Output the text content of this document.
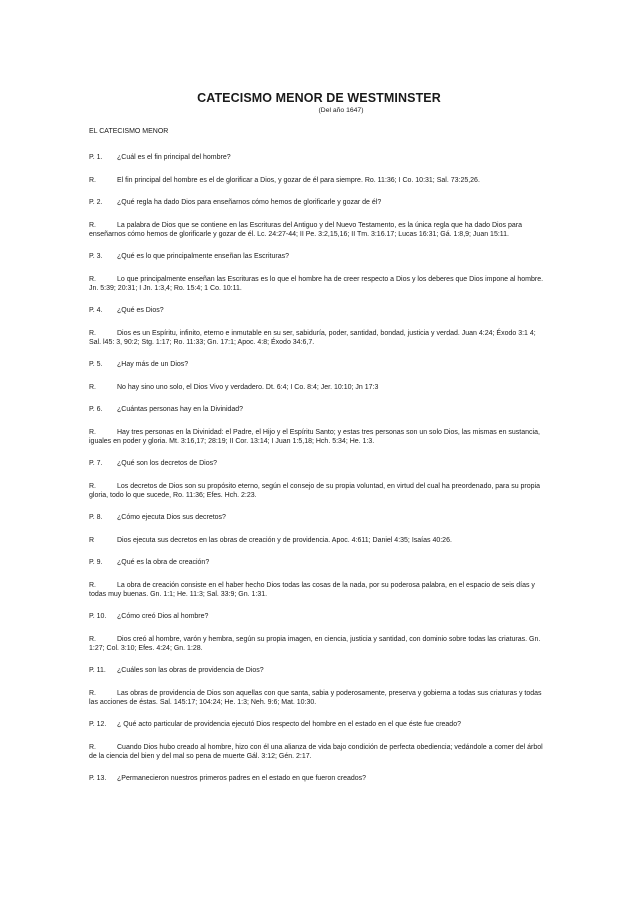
CATECISMO MENOR DE WESTMINSTER
(Del año 1647)
EL CATECISMO MENOR
P. 1. ¿Cuál es el fin principal del hombre?
R.	El fin principal del hombre es el de glorificar a Dios, y gozar de él para siempre. Ro. 11:36; I Co. 10:31; Sal. 73:25,26.
P. 2. ¿Qué regla ha dado Dios para enseñarnos cómo hemos de glorificarle y gozar de él?
R.	La palabra de Dios que se contiene en las Escrituras del Antiguo y del Nuevo Testamento, es la única regla que ha dado Dios para enseñarnos cómo hemos de glorificarle y gozar de él. Lc. 24:27-44; II Pe. 3:2,15,16; II Tm. 3:16.17; Lucas 16:31; Gá. 1:8,9; Juan 15:11.
P. 3. ¿Qué es lo que principalmente enseñan las Escrituras?
R.	Lo que principalmente enseñan las Escrituras es lo que el hombre ha de creer respecto a Dios y los deberes que Dios impone al hombre. Jn. 5:39; 20:31; I Jn. 1:3,4; Ro. 15:4; 1 Co. 10:11.
P. 4. ¿Qué es Dios?
R.	Dios es un Espíritu, infinito, eterno e inmutable en su ser, sabiduría, poder, santidad, bondad, justicia y verdad. Juan 4:24; Éxodo 3:1 4; Sal. l45: 3, 90:2; Stg. 1:17; Ro. 11:33; Gn. 17:1; Apoc. 4:8; Éxodo 34:6,7.
P. 5. ¿Hay más de un Dios?
R.	No hay sino uno solo, el Dios Vivo y verdadero. Dt. 6:4; I Co. 8:4; Jer. 10:10; Jn 17:3
P. 6. ¿Cuántas personas hay en la Divinidad?
R.	Hay tres personas en la Divinidad: el Padre, el Hijo y el Espíritu Santo; y estas tres personas son un solo Dios, las mismas en sustancia, iguales en poder y gloria. Mt. 3:16,17; 28:19; II Cor. 13:14; I Juan 1:5,18; Hch. 5:34; He. 1:3.
P. 7. ¿Qué son los decretos de Dios?
R.	Los decretos de Dios son su propósito eterno, según el consejo de su propia voluntad, en virtud del cual ha preordenado, para su propia gloria, todo lo que sucede, Ro. 11:36; Efes. Hch. 2:23.
P. 8. ¿Cómo ejecuta Dios sus decretos?
R	Dios ejecuta sus decretos en las obras de creación y de providencia. Apoc. 4:611; Daniel 4:35; Isaías 40:26.
P. 9. ¿Qué es la obra de creación?
R.	La obra de creación consiste en el haber hecho Dios todas las cosas de la nada, por su poderosa palabra, en el espacio de seis días y todas muy buenas. Gn. 1:1; He. 11:3; Sal. 33:9; Gn. 1:31.
P. 10. ¿Cómo creó Dios al hombre?
R.	Dios creó al hombre, varón y hembra, según su propia imagen, en ciencia, justicia y santidad, con dominio sobre todas las criaturas. Gn. 1:27; Col. 3:10; Efes. 4:24; Gn. 1:28.
P. 11. ¿Cuáles son las obras de providencia de Dios?
R.	Las obras de providencia de Dios son aquellas con que santa, sabia y poderosamente, preserva y gobierna a todas sus criaturas y todas las acciones de éstas. Sal. 145:17; 104:24; He. 1:3; Neh. 9:6; Mat. 10:30.
P. 12. ¿ Qué acto particular de providencia ejecutó Dios respecto del hombre en el estado en el que éste fue creado?
R.	Cuando Dios hubo creado al hombre, hizo con él una alianza de vida bajo condición de perfecta obediencia; vedándole a comer del árbol de la ciencia del bien y del mal so pena de muerte Gál. 3:12; Gén. 2:17.
P. 13. ¿Permanecieron nuestros primeros padres en el estado en que fueron creados?
